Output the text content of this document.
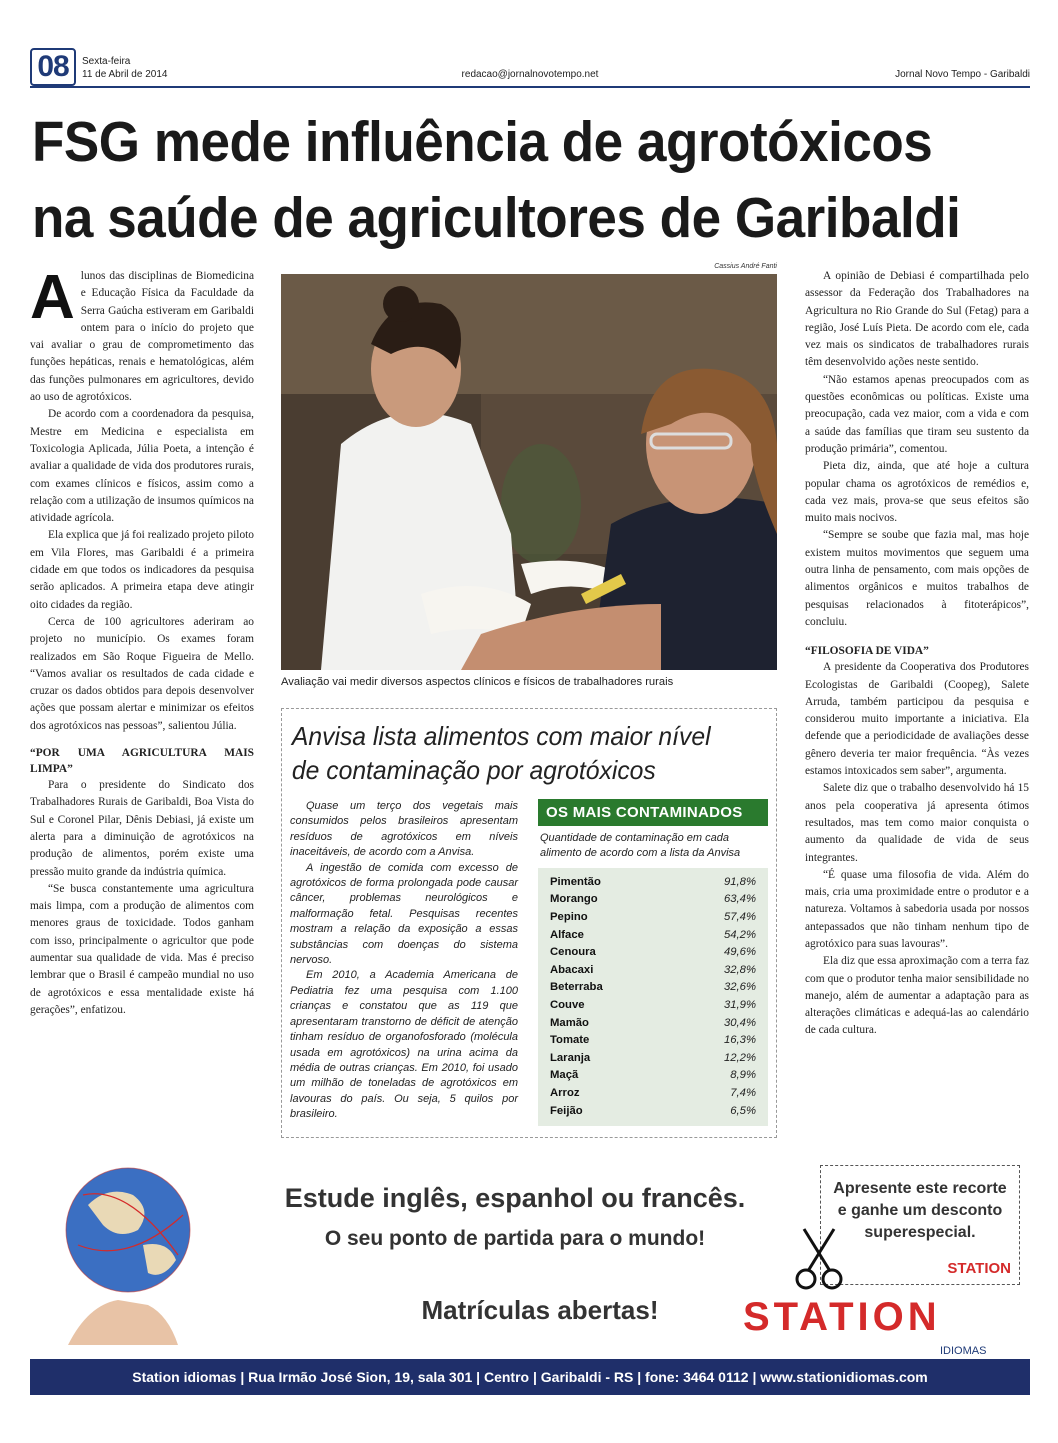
08	Sexta-feira
11 de Abril de 2014	redacao@jornalnovotempo.net	Jornal Novo Tempo - Garibaldi
FSG mede influência de agrotóxicos
na saúde de agricultores de Garibaldi
A lunos das disciplinas de Biomedicina e Educação Física da Faculdade da Serra Gaúcha estiveram em Garibaldi ontem para o início do projeto que vai avaliar o grau de comprometimento das funções hepáticas, renais e hematológicas, além das funções pulmonares em agricultores, devido ao uso de agrotóxicos.

De acordo com a coordenadora da pesquisa, Mestre em Medicina e especialista em Toxicologia Aplicada, Júlia Poeta, a intenção é avaliar a qualidade de vida dos produtores rurais, com exames clínicos e físicos, assim como a relação com a utilização de insumos químicos na atividade agrícola.

Ela explica que já foi realizado projeto piloto em Vila Flores, mas Garibaldi é a primeira cidade em que todos os indicadores da pesquisa serão aplicados. A primeira etapa deve atingir oito cidades da região.

Cerca de 100 agricultores aderiram ao projeto no município. Os exames foram realizados em São Roque Figueira de Mello. “Vamos avaliar os resultados de cada cidade e cruzar os dados obtidos para depois desenvolver ações que possam alertar e minimizar os efeitos dos agrotóxicos nas pessoas”, salientou Júlia.

“POR UMA AGRICULTURA MAIS LIMPA”

Para o presidente do Sindicato dos Trabalhadores Rurais de Garibaldi, Boa Vista do Sul e Coronel Pilar, Dênis Debiasi, já existe um alerta para a diminuição de agrotóxicos na produção de alimentos, porém existe uma pressão muito grande da indústria química.

“Se busca constantemente uma agricultura mais limpa, com a produção de alimentos com menores graus de toxicidade. Todos ganham com isso, principalmente o agricultor que pode aumentar sua qualidade de vida. Mas é preciso lembrar que o Brasil é campeão mundial no uso de agrotóxicos e essa mentalidade existe há gerações”, enfatizou.

Cassius André Fanti
Avaliação vai medir diversos aspectos clínicos e físicos de trabalhadores rurais
Anvisa lista alimentos com maior nível
de contaminação por agrotóxicos

Quase um terço dos vegetais mais consumidos pelos brasileiros apresentam resíduos de agrotóxicos em níveis inaceitáveis, de acordo com a Anvisa.

A ingestão de comida com excesso de agrotóxicos de forma prolongada pode causar câncer, problemas neurológicos e malformação fetal. Pesquisas recentes mostram a relação da exposição a essas substâncias com doenças do sistema nervoso.

Em 2010, a Academia Americana de Pediatria fez uma pesquisa com 1.100 crianças e constatou que as 119 que apresentaram transtorno de déficit de atenção tinham resíduo de organofosforado (molécula usada em agrotóxicos) na urina acima da média de outras crianças. Em 2010, foi usado um milhão de toneladas de agrotóxicos em lavouras do país. Ou seja, 5 quilos por brasileiro.

OS MAIS CONTAMINADOS
Quantidade de contaminação em cada alimento de acordo com a lista da Anvisa
Pimentão	91,8%
Morango	63,4%
Pepino	57,4%
Alface	54,2%
Cenoura	49,6%
Abacaxi	32,8%
Beterraba	32,6%
Couve	31,9%
Mamão	30,4%
Tomate	16,3%
Laranja	12,2%
Maçã	8,9%
Arroz	7,4%
Feijão	6,5%

A opinião de Debiasi é compartilhada pelo assessor da Federação dos Trabalhadores na Agricultura no Rio Grande do Sul (Fetag) para a região, José Luís Pieta. De acordo com ele, cada vez mais os sindicatos de trabalhadores rurais têm desenvolvido ações neste sentido.

“Não estamos apenas preocupados com as questões econômicas ou políticas. Existe uma preocupação, cada vez maior, com a vida e com a saúde das famílias que tiram seu sustento da produção primária”, comentou.

Pieta diz, ainda, que até hoje a cultura popular chama os agrotóxicos de remédios e, cada vez mais, prova-se que seus efeitos são muito mais nocivos.

“Sempre se soube que fazia mal, mas hoje existem muitos movimentos que seguem uma outra linha de pensamento, com mais opções de alimentos orgânicos e muitos trabalhos de pesquisas relacionados à fitoterápicos”, concluiu.

“FILOSOFIA DE VIDA”

A presidente da Cooperativa dos Produtores Ecologistas de Garibaldi (Coopeg), Salete Arruda, também participou da pesquisa e considerou muito importante a iniciativa. Ela defende que a periodicidade de avaliações desse gênero deveria ter maior frequência. “Às vezes estamos intoxicados sem saber”, argumenta.

Salete diz que o trabalho desenvolvido há 15 anos pela cooperativa já apresenta ótimos resultados, mas tem como maior conquista o aumento da qualidade de vida de seus integrantes.

“É quase uma filosofia de vida. Além do mais, cria uma proximidade entre o produtor e a natureza. Voltamos à sabedoria usada por nossos antepassados que não tinham nenhum tipo de agrotóxico para suas lavouras”.

Ela diz que essa aproximação com a terra faz com que o produtor tenha maior sensibilidade no manejo, além de aumentar a adaptação para as alterações climáticas e adequá-las ao calendário de cada cultura.

Estude inglês, espanhol ou francês.
O seu ponto de partida para o mundo!
Matrículas abertas!
Apresente este recorte e ganhe um desconto superespecial.
STATION
STATION
IDIOMAS
Station idiomas | Rua Irmão José Sion, 19, sala 301 | Centro | Garibaldi - RS | fone: 3464 0112 | www.stationidiomas.com
